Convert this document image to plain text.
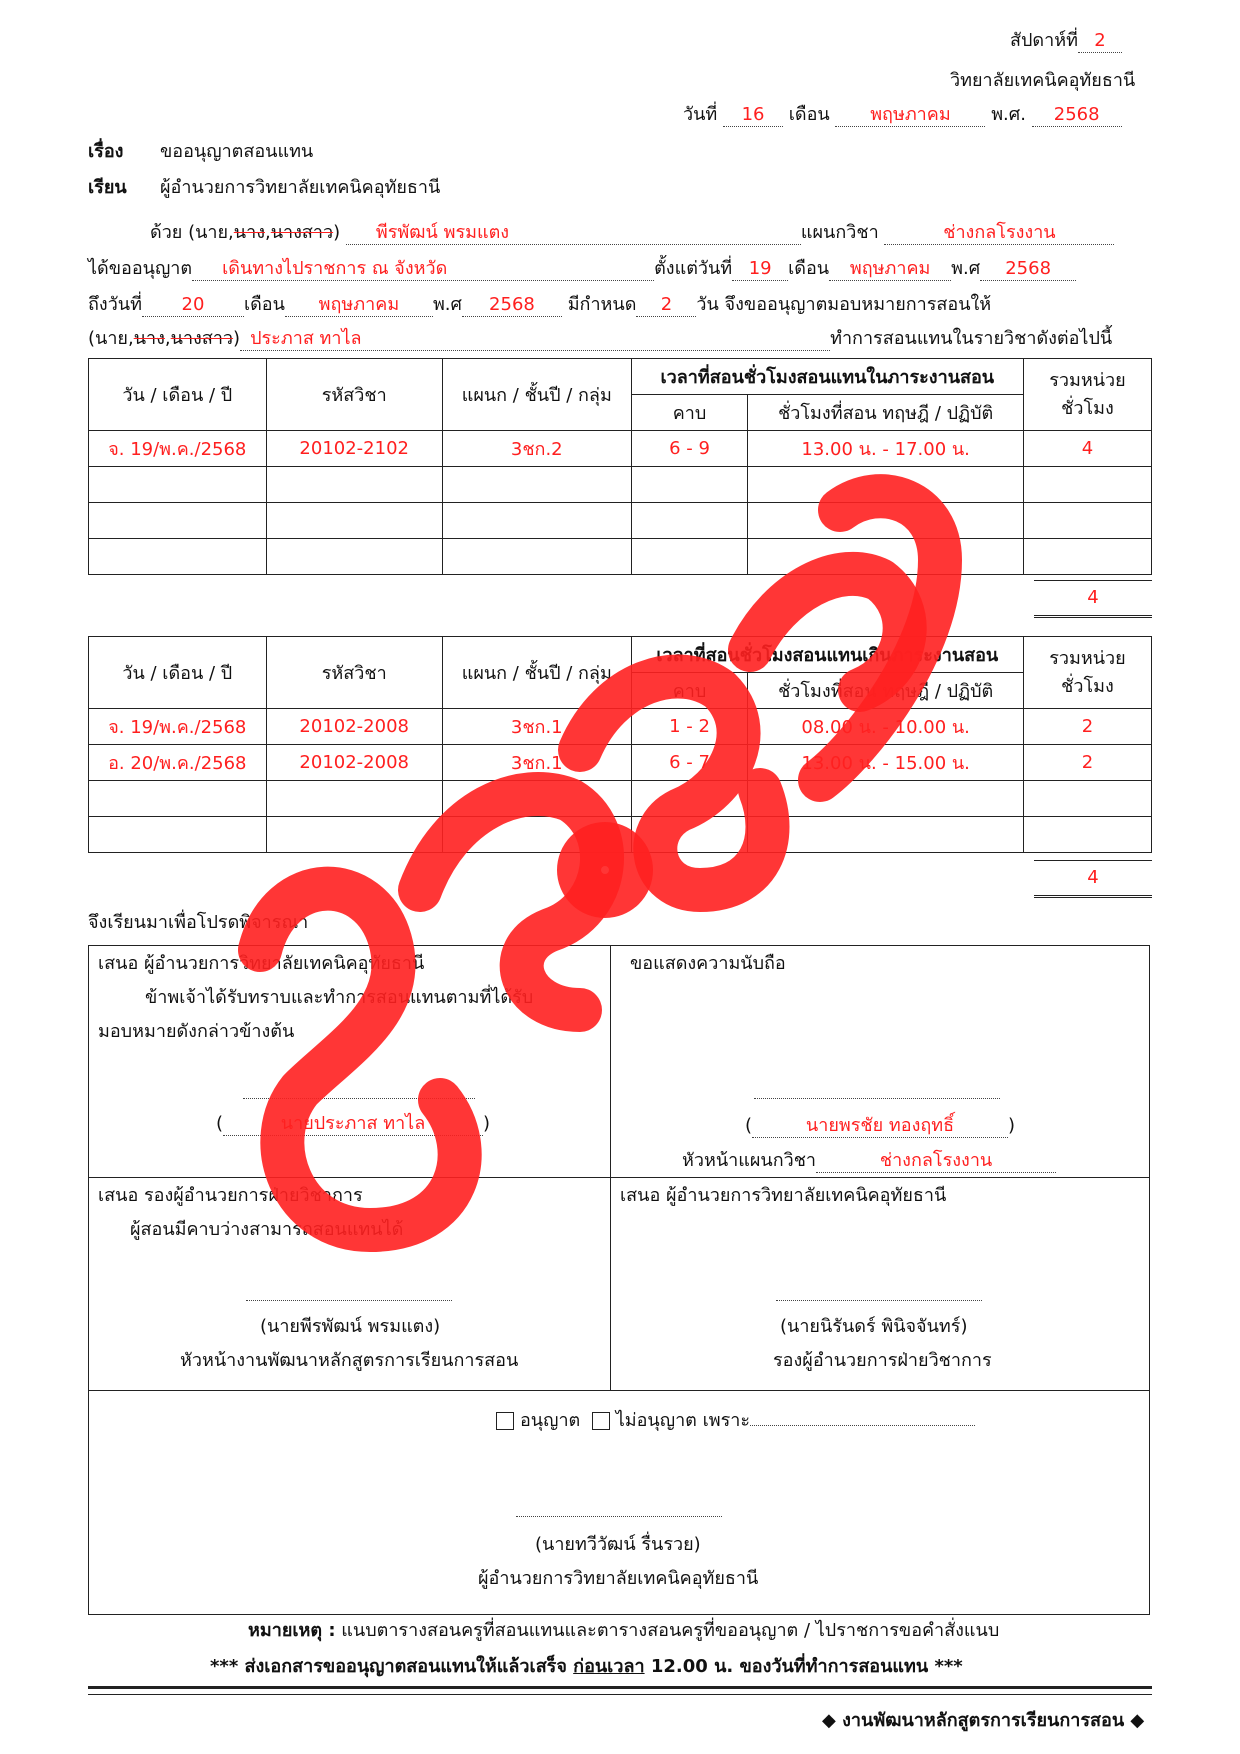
สัปดาห์ที่ 2
วิทยาลัยเทคนิคอุทัยธานี
วันที่ 16 เดือน พฤษภาคม พ.ศ. 2568
เรื่อง ขออนุญาตสอนแทน
เรียน ผู้อำนวยการวิทยาลัยเทคนิคอุทัยธานี
ด้วย (นาย,นาง,นางสาว) พีรพัฒน์ พรมแตง	แผนกวิชา	ช่างกลโรงงาน
ได้ขออนุญาต เดินทางไปราชการ ณ จังหวัด	ตั้งแต่วันที่ 19 เดือน พฤษภาคม พ.ศ 2568
ถึงวันที่ 20 เดือน พฤษภาคม พ.ศ 2568 มีกำหนด 2 วัน จึงขออนุญาตมอบหมายการสอนให้
(นาย,นาง,นางสาว) ประภาส ทาไล	ทำการสอนแทนในรายวิชาดังต่อไปนี้
วัน / เดือน / ปี	รหัสวิชา	แผนก / ชั้นปี / กลุ่ม	เวลาที่สอนชั่วโมงสอนแทนในภาระงานสอน		รวมหน่วย ชั่วโมง
			คาบ	ชั่วโมงที่สอน ทฤษฎี / ปฏิบัติ	
จ. 19/พ.ค./2568	20102-2102	3ชก.2	6 - 9	13.00 น. - 17.00 น.	4

4
วัน / เดือน / ปี	รหัสวิชา	แผนก / ชั้นปี / กลุ่ม	เวลาที่สอนชั่วโมงสอนแทนเกินภาระงานสอน		รวมหน่วย ชั่วโมง
			คาบ	ชั่วโมงที่สอน ทฤษฎี / ปฏิบัติ	
จ. 19/พ.ค./2568	20102-2008	3ชก.1	1 - 2	08.00 น. - 10.00 น.	2
อ. 20/พ.ค./2568	20102-2008	3ชก.1	6 - 7	13.00 น. - 15.00 น.	2

4
จึงเรียนมาเพื่อโปรดพิจารณา
เสนอ ผู้อำนวยการวิทยาลัยเทคนิคอุทัยธานี
ข้าพเจ้าได้รับทราบและทำการสอนแทนตามที่ได้รับ
มอบหมายดังกล่าวข้างต้น
(	นายประภาส ทาไล	)
ขอแสดงความนับถือ
(	นายพรชัย ทองฤทธิ์	)
หัวหน้าแผนกวิชา	ช่างกลโรงงาน
เสนอ รองผู้อำนวยการฝ่ายวิชาการ
ผู้สอนมีคาบว่างสามารถสอนแทนได้
(นายพีรพัฒน์ พรมแตง)
หัวหน้างานพัฒนาหลักสูตรการเรียนการสอน
เสนอ ผู้อำนวยการวิทยาลัยเทคนิคอุทัยธานี
(นายนิรันดร์ พินิจจันทร์)
รองผู้อำนวยการฝ่ายวิชาการ
อนุญาต ไม่อนุญาต เพราะ
(นายทวีวัฒน์ รื่นรวย)
ผู้อำนวยการวิทยาลัยเทคนิคอุทัยธานี
หมายเหตุ : แนบตารางสอนครูที่สอนแทนและตารางสอนครูที่ขออนุญาต / ไปราชการขอคำสั่งแนบ
*** ส่งเอกสารขออนุญาตสอนแทนให้แล้วเสร็จ ก่อนเวลา 12.00 น. ของวันที่ทำการสอนแทน ***
◆ งานพัฒนาหลักสูตรการเรียนการสอน ◆
